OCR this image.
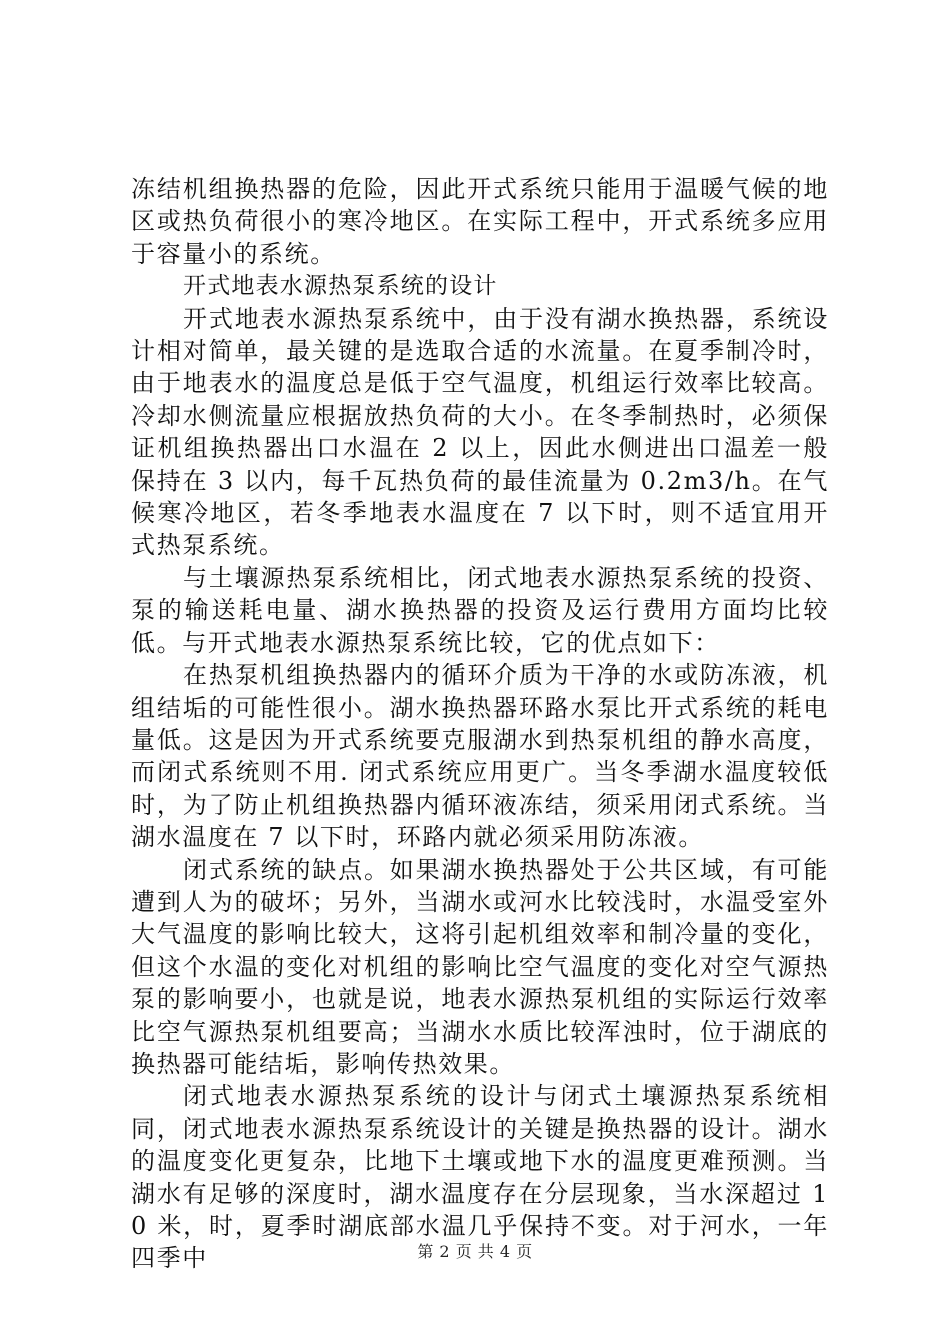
冻结机组换热器的危险，因此开式系统只能用于温暖气候的地区或热负荷很小的寒冷地区。在实际工程中，开式系统多应用于容量小的系统。

开式地表水源热泵系统的设计

开式地表水源热泵系统中，由于没有湖水换热器，系统设计相对简单，最关键的是选取合适的水流量。在夏季制冷时，由于地表水的温度总是低于空气温度，机组运行效率比较高。冷却水侧流量应根据放热负荷的大小。在冬季制热时，必须保证机组换热器出口水温在 2 以上，因此水侧进出口温差一般保持在 3 以内，每千瓦热负荷的最佳流量为 0.2m3/h。在气候寒冷地区，若冬季地表水温度在 7 以下时，则不适宜用开式热泵系统。

与土壤源热泵系统相比，闭式地表水源热泵系统的投资、泵的输送耗电量、湖水换热器的投资及运行费用方面均比较低。与开式地表水源热泵系统比较，它的优点如下：

在热泵机组换热器内的循环介质为干净的水或防冻液，机组结垢的可能性很小。湖水换热器环路水泵比开式系统的耗电量低。这是因为开式系统要克服湖水到热泵机组的静水高度，而闭式系统则不用. 闭式系统应用更广。当冬季湖水温度较低时，为了防止机组换热器内循环液冻结，须采用闭式系统。当湖水温度在 7 以下时，环路内就必须采用防冻液。

闭式系统的缺点。如果湖水换热器处于公共区域，有可能遭到人为的破坏；另外，当湖水或河水比较浅时，水温受室外大气温度的影响比较大，这将引起机组效率和制冷量的变化，但这个水温的变化对机组的影响比空气温度的变化对空气源热泵的影响要小，也就是说，地表水源热泵机组的实际运行效率比空气源热泵机组要高；当湖水水质比较浑浊时，位于湖底的换热器可能结垢，影响传热效果。

闭式地表水源热泵系统的设计与闭式土壤源热泵系统相同，闭式地表水源热泵系统设计的关键是换热器的设计。湖水的温度变化更复杂，比地下土壤或地下水的温度更难预测。当湖水有足够的深度时，湖水温度存在分层现象，当水深超过 10 米，时，夏季时湖底部水温几乎保持不变。对于河水，一年四季中	第 2 页 共 4 页
